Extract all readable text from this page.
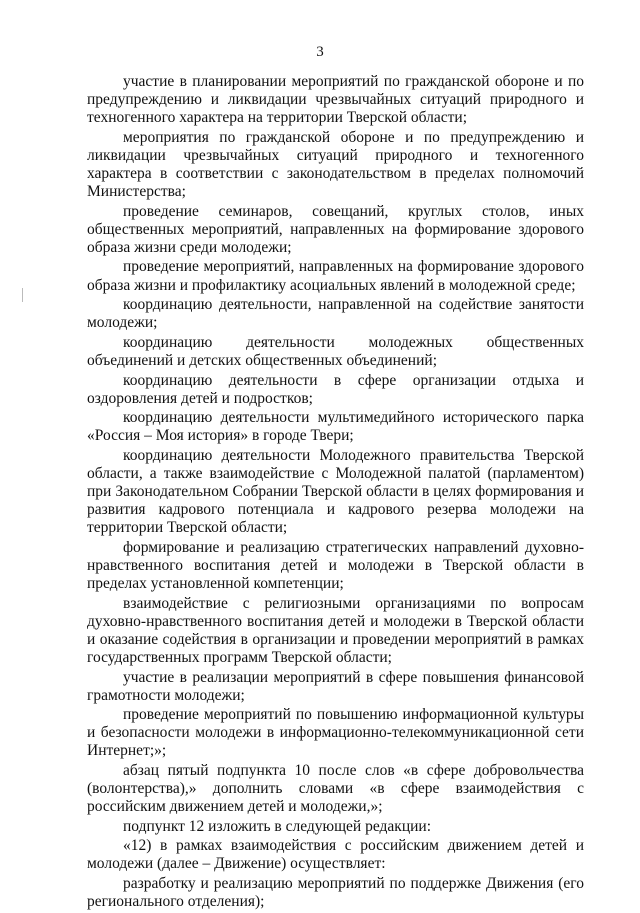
3

участие в планировании мероприятий по гражданской обороне и по предупреждению и ликвидации чрезвычайных ситуаций природного и техногенного характера на территории Тверской области;

мероприятия по гражданской обороне и по предупреждению и ликвидации чрезвычайных ситуаций природного и техногенного характера в соответствии с законодательством в пределах полномочий Министерства;

проведение семинаров, совещаний, круглых столов, иных общественных мероприятий, направленных на формирование здорового образа жизни среди молодежи;

проведение мероприятий, направленных на формирование здорового образа жизни и профилактику асоциальных явлений в молодежной среде;

координацию деятельности, направленной на содействие занятости молодежи;

координацию деятельности молодежных общественных объединений и детских общественных объединений;

координацию деятельности в сфере организации отдыха и оздоровления детей и подростков;

координацию деятельности мультимедийного исторического парка «Россия – Моя история» в городе Твери;

координацию деятельности Молодежного правительства Тверской области, а также взаимодействие с Молодежной палатой (парламентом) при Законодательном Собрании Тверской области в целях формирования и развития кадрового потенциала и кадрового резерва молодежи на территории Тверской области;

формирование и реализацию стратегических направлений духовно-нравственного воспитания детей и молодежи в Тверской области в пределах установленной компетенции;

взаимодействие с религиозными организациями по вопросам духовно-нравственного воспитания детей и молодежи в Тверской области и оказание содействия в организации и проведении мероприятий в рамках государственных программ Тверской области;

участие в реализации мероприятий в сфере повышения финансовой грамотности молодежи;

проведение мероприятий по повышению информационной культуры и безопасности молодежи в информационно-телекоммуникационной сети Интернет;»;

абзац пятый подпункта 10 после слов «в сфере добровольчества (волонтерства),» дополнить словами «в сфере взаимодействия с российским движением детей и молодежи,»;

подпункт 12 изложить в следующей редакции:

«12) в рамках взаимодействия с российским движением детей и молодежи (далее – Движение) осуществляет:

разработку и реализацию мероприятий по поддержке Движения (его регионального отделения);
